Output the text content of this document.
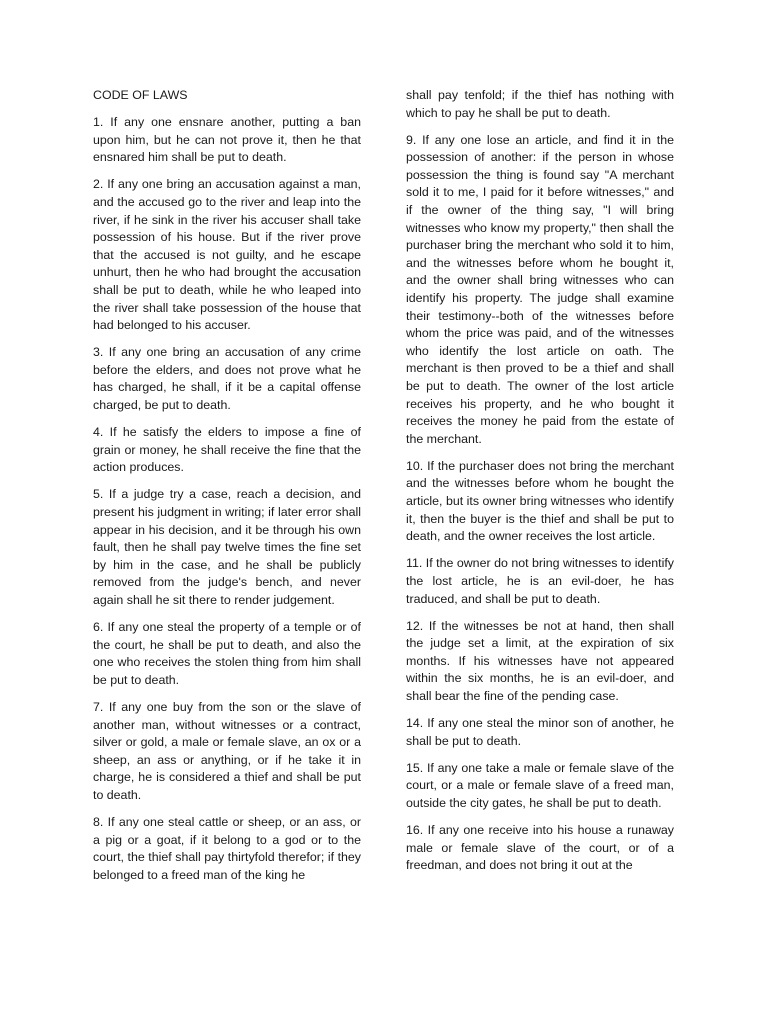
CODE OF LAWS

1. If any one ensnare another, putting a ban upon him, but he can not prove it, then he that ensnared him shall be put to death.

2. If any one bring an accusation against a man, and the accused go to the river and leap into the river, if he sink in the river his accuser shall take possession of his house. But if the river prove that the accused is not guilty, and he escape unhurt, then he who had brought the accusation shall be put to death, while he who leaped into the river shall take possession of the house that had belonged to his accuser.

3. If any one bring an accusation of any crime before the elders, and does not prove what he has charged, he shall, if it be a capital offense charged, be put to death.

4. If he satisfy the elders to impose a fine of grain or money, he shall receive the fine that the action produces.

5. If a judge try a case, reach a decision, and present his judgment in writing; if later error shall appear in his decision, and it be through his own fault, then he shall pay twelve times the fine set by him in the case, and he shall be publicly removed from the judge's bench, and never again shall he sit there to render judgement.

6. If any one steal the property of a temple or of the court, he shall be put to death, and also the one who receives the stolen thing from him shall be put to death.

7. If any one buy from the son or the slave of another man, without witnesses or a contract, silver or gold, a male or female slave, an ox or a sheep, an ass or anything, or if he take it in charge, he is considered a thief and shall be put to death.

8. If any one steal cattle or sheep, or an ass, or a pig or a goat, if it belong to a god or to the court, the thief shall pay thirtyfold therefor; if they belonged to a freed man of the king he

shall pay tenfold; if the thief has nothing with which to pay he shall be put to death.

9. If any one lose an article, and find it in the possession of another: if the person in whose possession the thing is found say "A merchant sold it to me, I paid for it before witnesses," and if the owner of the thing say, "I will bring witnesses who know my property," then shall the purchaser bring the merchant who sold it to him, and the witnesses before whom he bought it, and the owner shall bring witnesses who can identify his property. The judge shall examine their testimony--both of the witnesses before whom the price was paid, and of the witnesses who identify the lost article on oath. The merchant is then proved to be a thief and shall be put to death. The owner of the lost article receives his property, and he who bought it receives the money he paid from the estate of the merchant.

10. If the purchaser does not bring the merchant and the witnesses before whom he bought the article, but its owner bring witnesses who identify it, then the buyer is the thief and shall be put to death, and the owner receives the lost article.

11. If the owner do not bring witnesses to identify the lost article, he is an evil-doer, he has traduced, and shall be put to death.

12. If the witnesses be not at hand, then shall the judge set a limit, at the expiration of six months. If his witnesses have not appeared within the six months, he is an evil-doer, and shall bear the fine of the pending case.

14. If any one steal the minor son of another, he shall be put to death.

15. If any one take a male or female slave of the court, or a male or female slave of a freed man, outside the city gates, he shall be put to death.

16. If any one receive into his house a runaway male or female slave of the court, or of a freedman, and does not bring it out at the
